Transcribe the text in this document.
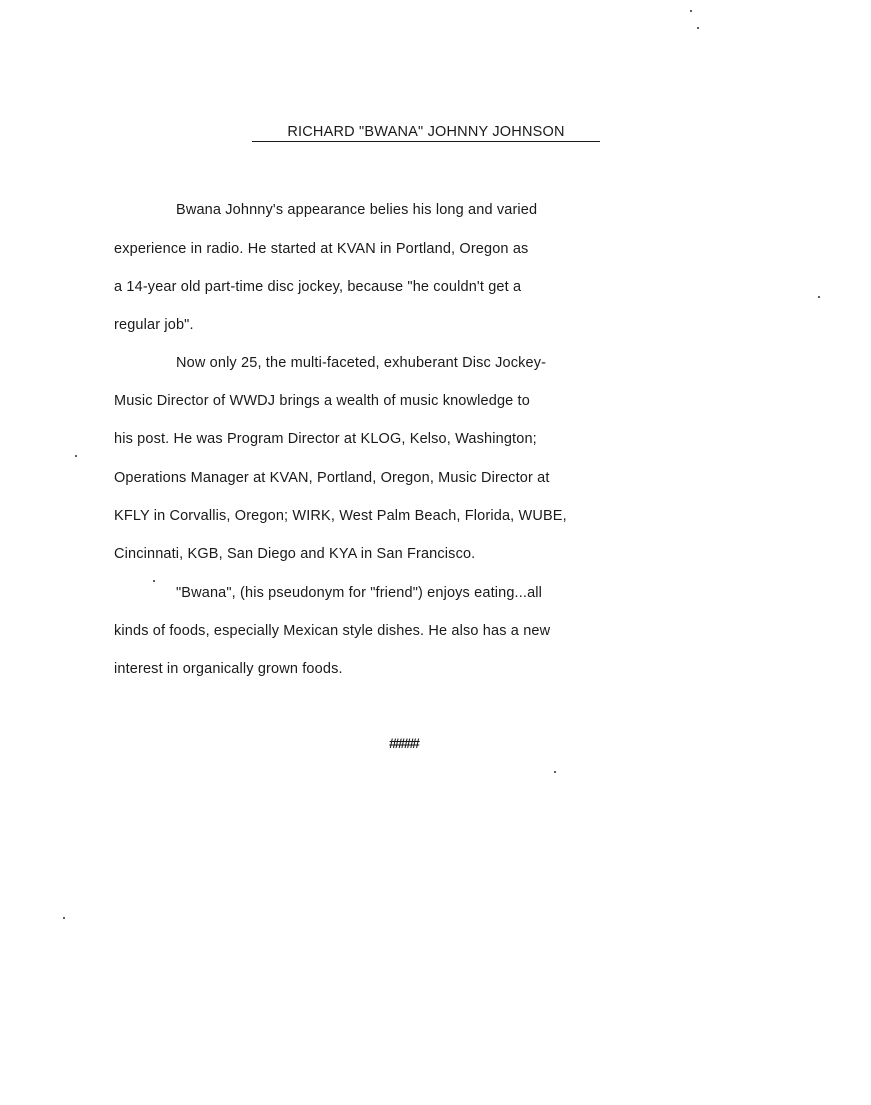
RICHARD "BWANA" JOHNNY JOHNSON
Bwana Johnny's appearance belies his long and varied
experience in radio. He started at KVAN in Portland, Oregon as
a 14-year old part-time disc jockey, because "he couldn't get a
regular job".
Now only 25, the multi-faceted, exhuberant Disc Jockey-
Music Director of WWDJ brings a wealth of music knowledge to
his post. He was Program Director at KLOG, Kelso, Washington;
Operations Manager at KVAN, Portland, Oregon, Music Director at
KFLY in Corvallis, Oregon; WIRK, West Palm Beach, Florida, WUBE,
Cincinnati, KGB, San Diego and KYA in San Francisco.
"Bwana", (his pseudonym for "friend") enjoys eating...all
kinds of foods, especially Mexican style dishes. He also has a new
interest in organically grown foods.
#####
